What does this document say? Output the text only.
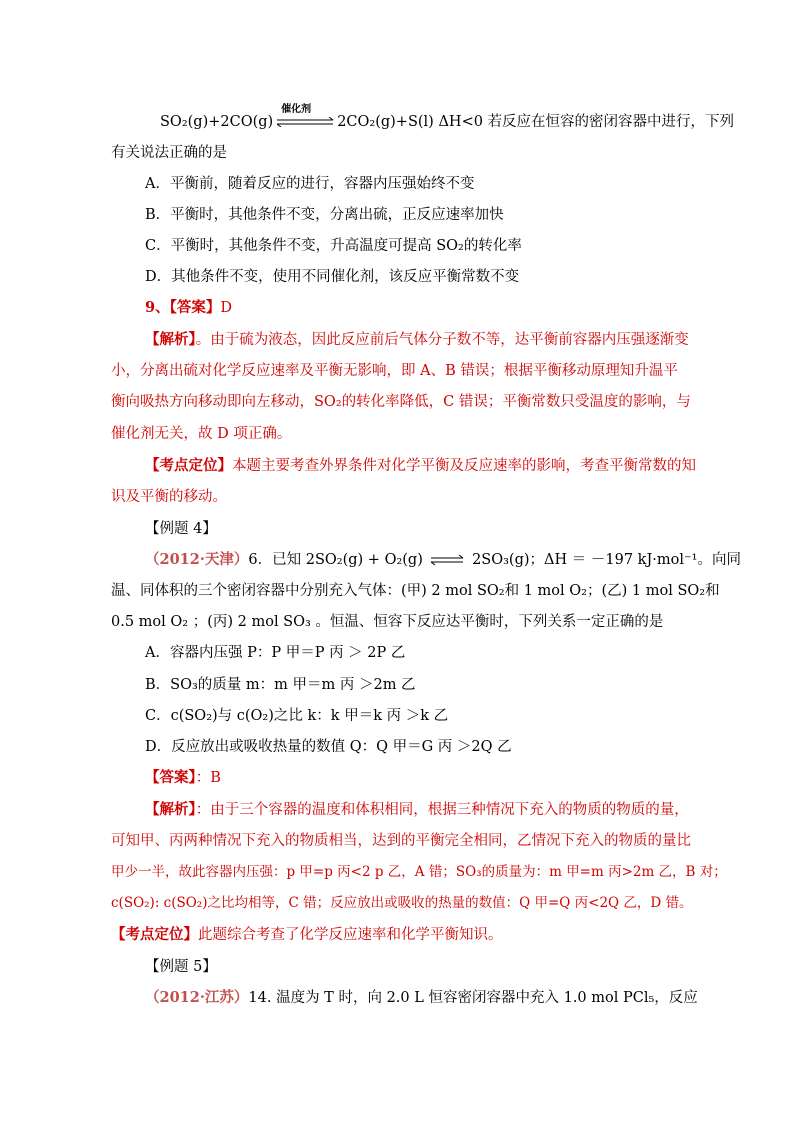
SO₂(g)+2CO(g)
催化剂
2CO₂(g)+S(l) ΔH<0 若反应在恒容的密闭容器中进行，下列
有关说法正确的是
A．平衡前，随着反应的进行，容器内压强始终不变
B．平衡时，其他条件不变，分离出硫，正反应速率加快
C．平衡时，其他条件不变，升高温度可提高 SO₂的转化率
D．其他条件不变，使用不同催化剂，该反应平衡常数不变
9、【答案】D
【解析】。由于硫为液态，因此反应前后气体分子数不等，达平衡前容器内压强逐渐变
小，分离出硫对化学反应速率及平衡无影响，即 A、B 错误；根据平衡移动原理知升温平
衡向吸热方向移动即向左移动，SO₂的转化率降低，C 错误；平衡常数只受温度的影响，与
催化剂无关，故 D 项正确。
【考点定位】本题主要考查外界条件对化学平衡及反应速率的影响，考查平衡常数的知
识及平衡的移动。
【例题 4】
（2012·天津）6．已知 2SO₂(g) + O₂(g) ⇌ 2SO₃(g)；ΔH ＝ －197 kJ·mol⁻¹。向同
温、同体积的三个密闭容器中分别充入气体：(甲) 2 mol SO₂和 1 mol O₂；(乙) 1 mol SO₂和
0.5 mol O₂ ；(丙) 2 mol SO₃ 。恒温、恒容下反应达平衡时，下列关系一定正确的是
A．容器内压强 P：P 甲＝P 丙 ＞ 2P 乙
B．SO₃的质量 m：m 甲＝m 丙 ＞2m 乙
C．c(SO₂)与 c(O₂)之比 k：k 甲＝k 丙 ＞k 乙
D．反应放出或吸收热量的数值 Q：Q 甲＝G 丙 ＞2Q 乙
【答案】：B
【解析】：由于三个容器的温度和体积相同，根据三种情况下充入的物质的物质的量，
可知甲、丙两种情况下充入的物质相当，达到的平衡完全相同，乙情况下充入的物质的量比
甲少一半，故此容器内压强：p 甲=p 丙<2 p 乙，A 错；SO₃的质量为：m 甲=m 丙>2m 乙，B 对；
c(SO₂): c(SO₂)之比均相等，C 错；反应放出或吸收的热量的数值：Q 甲=Q 丙<2Q 乙，D 错。
【考点定位】此题综合考查了化学反应速率和化学平衡知识。
【例题 5】
（2012·江苏）14. 温度为 T 时，向 2.0 L 恒容密闭容器中充入 1.0 mol PCl₅，反应
